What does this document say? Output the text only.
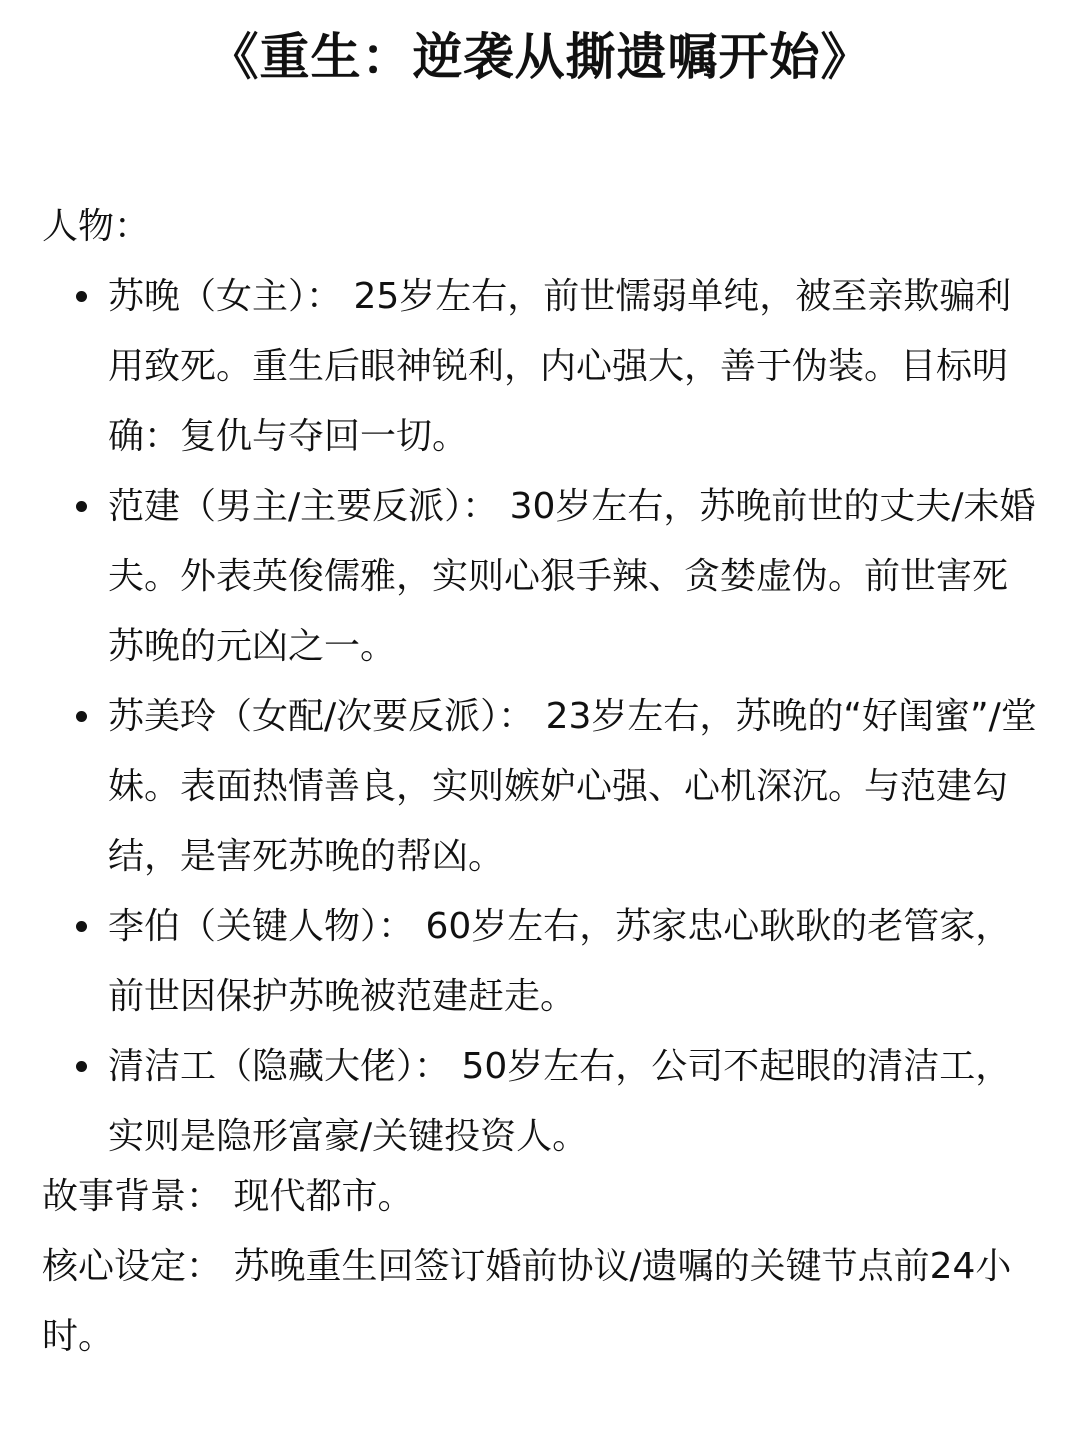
《重生：逆袭从撕遗嘱开始》

人物：

苏晚（女主）： 25岁左右，前世懦弱单纯，被至亲欺骗利用致死。重生后眼神锐利，内心强大，善于伪装。目标明确：复仇与夺回一切。
范建（男主/主要反派）： 30岁左右，苏晚前世的丈夫/未婚夫。外表英俊儒雅，实则心狠手辣、贪婪虚伪。前世害死苏晚的元凶之一。
苏美玲（女配/次要反派）： 23岁左右，苏晚的“好闺蜜”/堂妹。表面热情善良，实则嫉妒心强、心机深沉。与范建勾结，是害死苏晚的帮凶。
李伯（关键人物）： 60岁左右，苏家忠心耿耿的老管家，前世因保护苏晚被范建赶走。
清洁工（隐藏大佬）： 50岁左右，公司不起眼的清洁工，实则是隐形富豪/关键投资人。

故事背景： 现代都市。

核心设定： 苏晚重生回签订婚前协议/遗嘱的关键节点前24小时。
